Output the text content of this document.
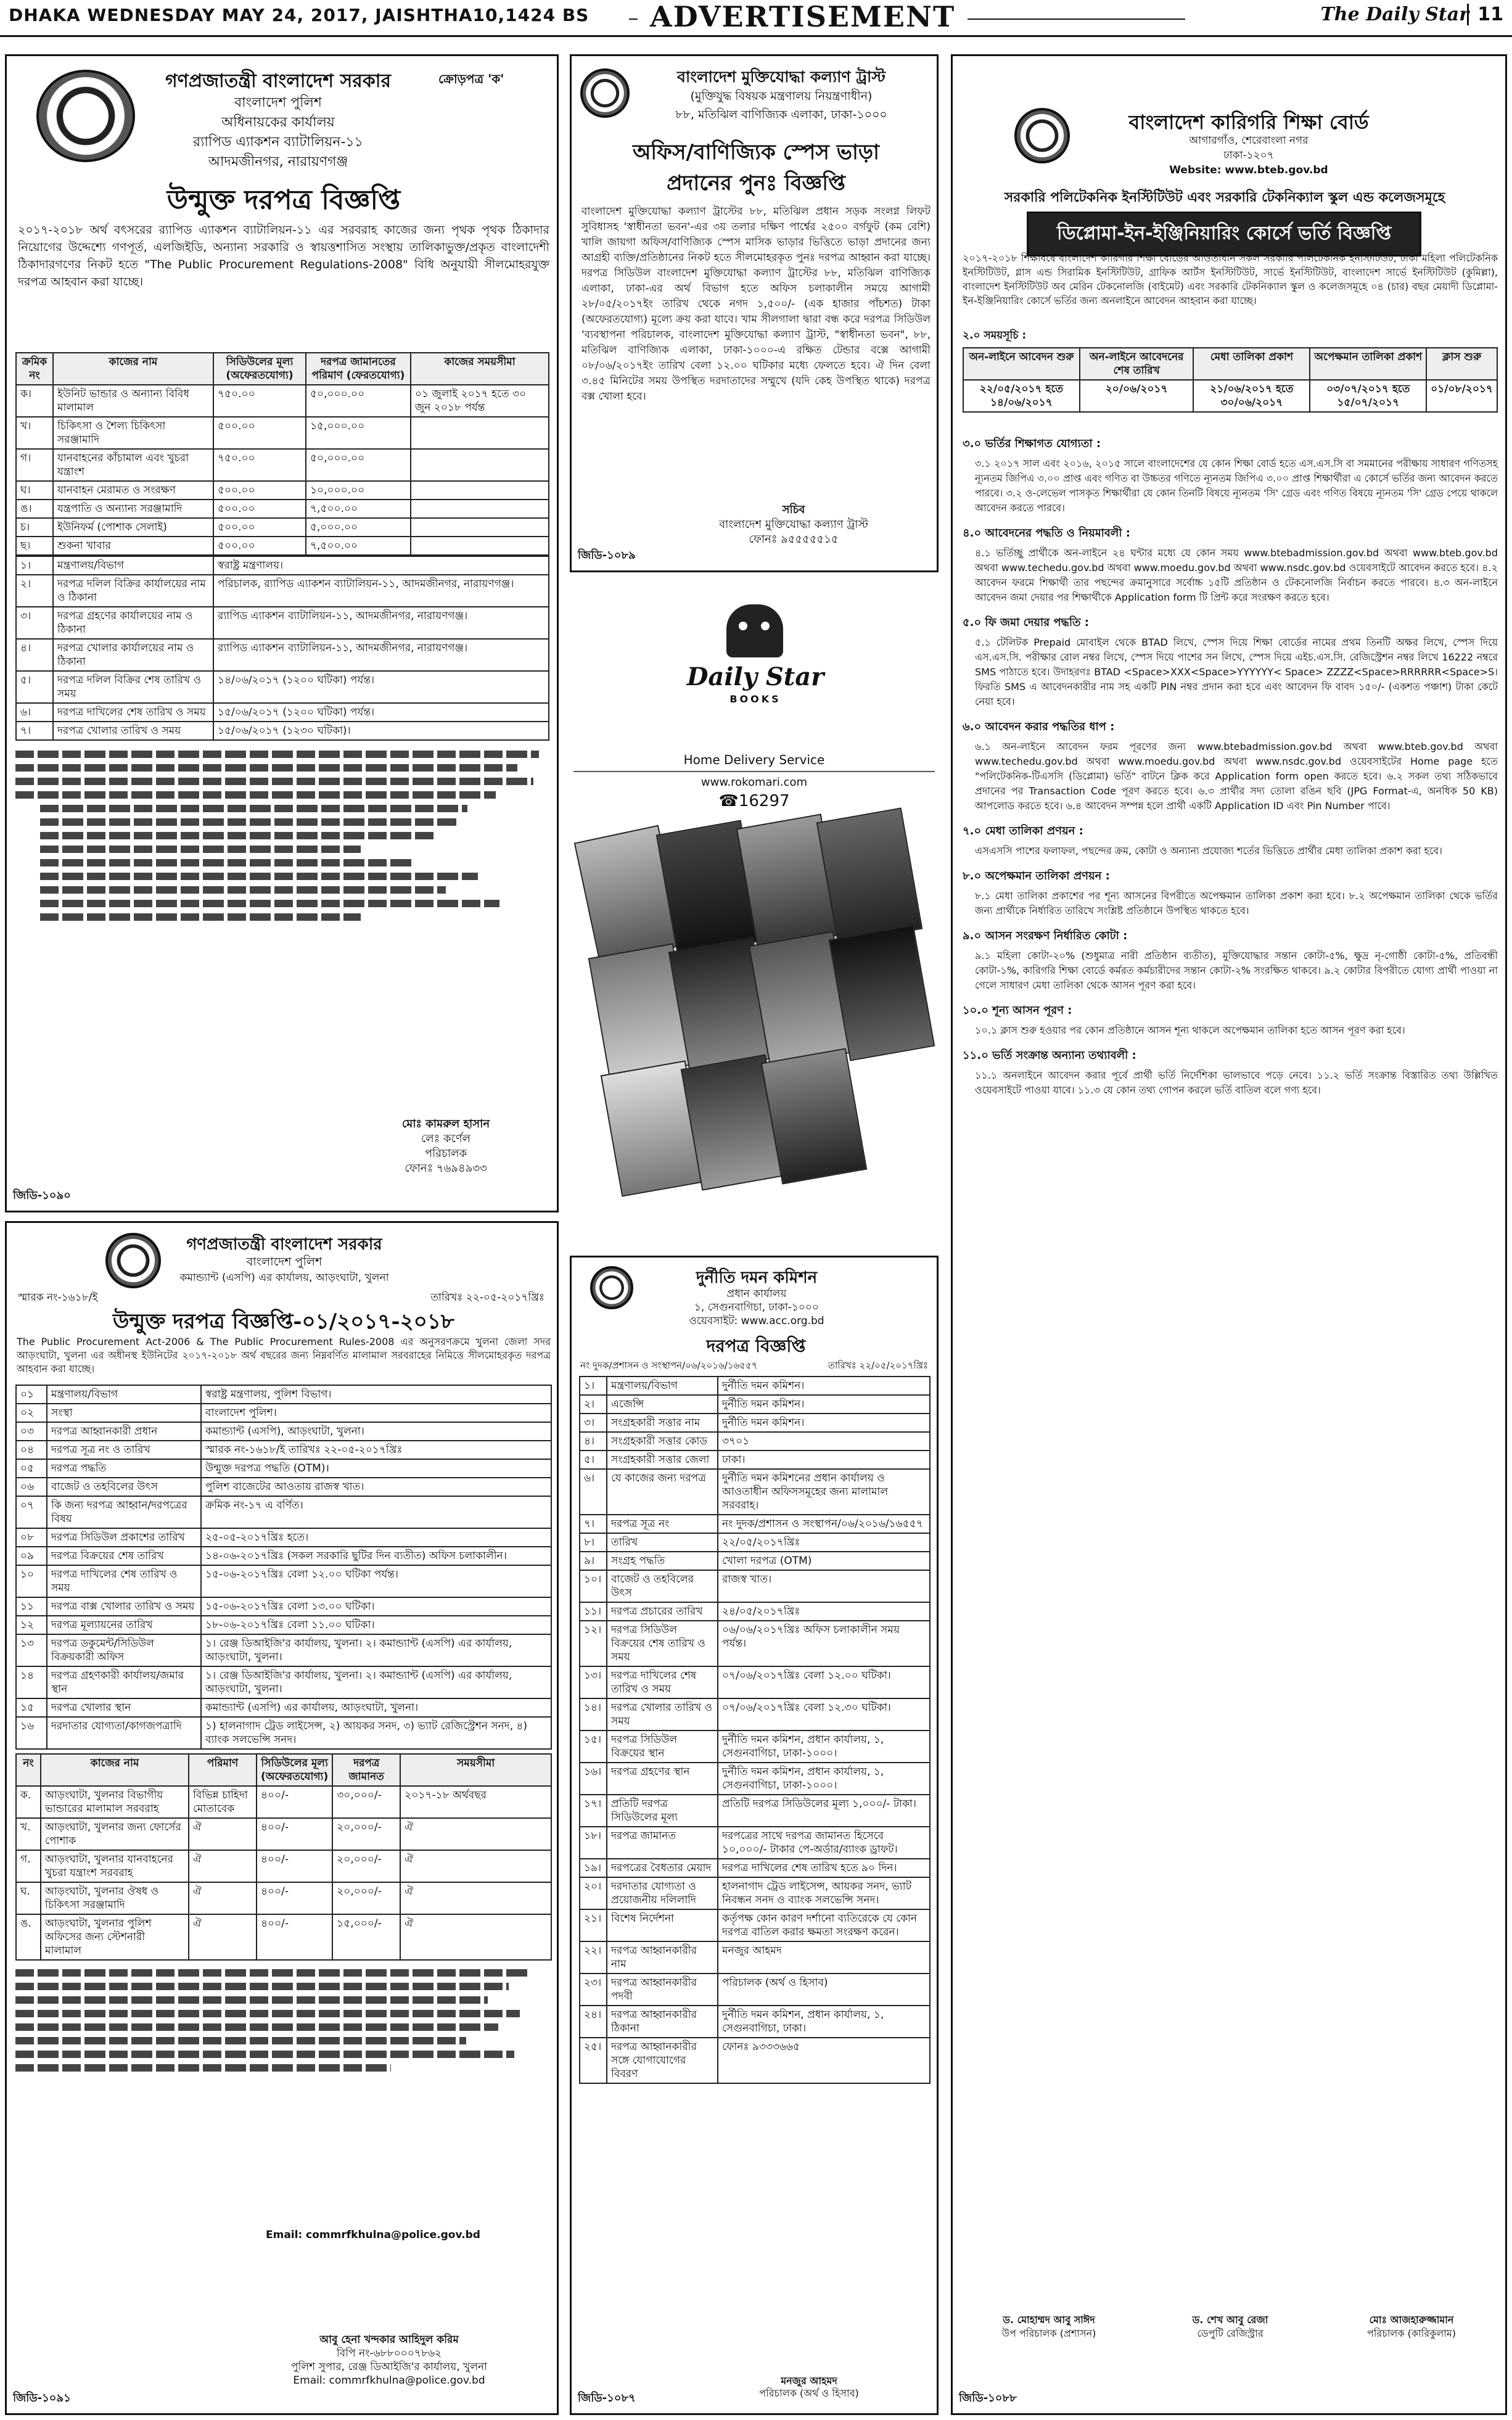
DHAKA WEDNESDAY MAY 24, 2017, JAISHTHA10,1424 BS	ADVERTISEMENT	The Daily Star 11
ক্রোড়পত্র 'ক'
গণপ্রজাতন্ত্রী বাংলাদেশ সরকার
বাংলাদেশ পুলিশ
অধিনায়কের কার্যালয়
র‍্যাপিড এ্যাকশন ব্যাটালিয়ন-১১
আদমজীনগর, নারায়ণগঞ্জ
উন্মুক্ত দরপত্র বিজ্ঞপ্তি
২০১৭-২০১৮ অর্থ বৎসরের র‍্যাপিড এ্যাকশন ব্যাটালিয়ন-১১ এর সরবরাহ কাজের জন্য পৃথক পৃথক ঠিকাদার নিয়োগের উদ্দেশ্যে গণপূর্ত, এলজিইডি, অন্যান্য সরকারি ও স্বায়ত্তশাসিত সংস্থায় তালিকাভুক্ত/প্রকৃত বাংলাদেশী ঠিকাদারগণের নিকট হতে "The Public Procurement Regulations-2008" বিধি অনুযায়ী সীলমোহরযুক্ত দরপত্র আহবান করা যাচ্ছে।
ক্রমিক নং	কাজের নাম	সিডিউলের মূল্য (অফেরতযোগ্য)	দরপত্র জামানতের পরিমাণ (ফেরতযোগ্য)	কাজের সময়সীমা
ক।	ইউনিট ভান্ডার ও অন্যান্য বিবিধ মালামাল	৭৫০.০০	৫০,০০০.০০	০১ জুলাই ২০১৭ হতে ৩০ জুন ২০১৮ পর্যন্ত
খ।	চিকিৎসা ও শৈল্য চিকিৎসা সরঞ্জামাদি	৫০০.০০	১৫,০০০.০০	
গ।	যানবাহনের কাঁচামাল এবং খুচরা যন্ত্রাংশ	৭৫০.০০	৫০,০০০.০০	
ঘ।	যানবাহন মেরামত ও সংরক্ষণ	৫০০.০০	১০,০০০.০০	
ঙ।	যন্ত্রপাতি ও অন্যান্য সরঞ্জামাদি	৫০০.০০	৭,৫০০.০০	
চ।	ইউনিফর্ম (পোশাক সেলাই)	৫০০.০০	৫,০০০.০০	
ছ।	শুকনা খাবার	৫০০.০০	৭,৫০০.০০	
১।	মন্ত্রণালয়/বিভাগ	স্বরাষ্ট্র মন্ত্রণালয়।
২।	দরপত্র দলিল বিক্রির কার্যালয়ের নাম ও ঠিকানা	পরিচালক, র‍্যাপিড এ্যাকশন ব্যাটালিয়ন-১১, আদমজীনগর, নারায়ণগঞ্জ।
৩।	দরপত্র গ্রহণের কার্যালয়ের নাম ও ঠিকানা	র‍্যাপিড এ্যাকশন ব্যাটালিয়ন-১১, আদমজীনগর, নারায়ণগঞ্জ।
৪।	দরপত্র খোলার কার্যালয়ের নাম ও ঠিকানা	র‍্যাপিড এ্যাকশন ব্যাটালিয়ন-১১, আদমজীনগর, নারায়ণগঞ্জ।
৫।	দরপত্র দলিল বিক্রির শেষ তারিখ ও সময়	১৪/০৬/২০১৭ (১২০০ ঘটিকা) পর্যন্ত।
৬।	দরপত্র দাখিলের শেষ তারিখ ও সময়	১৫/০৬/২০১৭ (১২০০ ঘটিকা) পর্যন্ত।
৭।	দরপত্র খোলার তারিখ ও সময়	১৫/০৬/২০১৭ (১২৩০ ঘটিকা)।
মোঃ কামরুল হাসান
লেঃ কর্ণেল
পরিচালক
ফোনঃ ৭৬৯৪৯৩৩
জিডি-১০৯০
বাংলাদেশ মুক্তিযোদ্ধা কল্যাণ ট্রাস্ট
(মুক্তিযুদ্ধ বিষয়ক মন্ত্রণালয় নিয়ন্ত্রণাধীন)
৮৮, মতিঝিল বাণিজ্যিক এলাকা, ঢাকা-১০০০
অফিস/বাণিজ্যিক স্পেস ভাড়া
প্রদানের পুনঃ বিজ্ঞপ্তি
বাংলাদেশ মুক্তিযোদ্ধা কল্যাণ ট্রাস্টের ৮৮, মতিঝিল প্রধান সড়ক সংলগ্ন লিফট সুবিধাসহ 'স্বাধীনতা ভবন'-এর ৩য় তলার দক্ষিণ পার্শ্বের ২৫০০ বর্গফুট (কম বেশি) খালি জায়গা অফিস/বাণিজ্যিক স্পেস মাসিক ভাড়ার ভিত্তিতে ভাড়া প্রদানের জন্য আগ্রহী ব্যক্তি/প্রতিষ্ঠানের নিকট হতে সীলমোহরকৃত পুনঃ দরপত্র আহ্বান করা যাচ্ছে। দরপত্র সিডিউল বাংলাদেশ মুক্তিযোদ্ধা কল্যাণ ট্রাস্টের ৮৮, মতিঝিল বাণিজ্যিক এলাকা, ঢাকা-এর অর্থ বিভাগ হতে অফিস চলাকালীন সময়ে আগামী ২৮/০৫/২০১৭ইং তারিখ থেকে নগদ ১,৫০০/- (এক হাজার পাঁচশত) টাকা (অফেরতযোগ্য) মূল্যে ক্রয় করা যাবে। খাম সীলগালা দ্বারা বন্ধ করে দরপত্র সিডিউল 'ব্যবস্থাপনা পরিচালক, বাংলাদেশ মুক্তিযোদ্ধা কল্যাণ ট্রাস্ট, "স্বাধীনতা ভবন", ৮৮, মতিঝিল বাণিজ্যিক এলাকা, ঢাকা-১০০০-এ রক্ষিত টেন্ডার বক্সে আগামী ০৮/০৬/২০১৭ইং তারিখ বেলা ১২.০০ ঘটিকার মধ্যে ফেলতে হবে। ঐ দিন বেলা ৩.৪৫ মিনিটের সময় উপস্থিত দরদাতাদের সম্মুখে (যদি কেহ উপস্থিত থাকে) দরপত্র বক্স খোলা হবে।
সচিব
বাংলাদেশ মুক্তিযোদ্ধা কল্যাণ ট্রাস্ট
ফোনঃ ৯৫৫৫৫৫১৫
জিডি-১০৮৯
Daily Star
BOOKS
Home Delivery Service
www.rokomari.com
☎16297
গণপ্রজাতন্ত্রী বাংলাদেশ সরকার
বাংলাদেশ পুলিশ
কমান্ড্যান্ট (এসপি) এর কার্যালয়, আড়ংঘাটা, খুলনা
স্মারক নং-১৬১৮/ই	তারিখঃ ২২-০৫-২০১৭খ্রিঃ
উন্মুক্ত দরপত্র বিজ্ঞপ্তি-০১/২০১৭-২০১৮
The Public Procurement Act-2006 & The Public Procurement Rules-2008 এর অনুসরণক্রমে খুলনা জেলা সদর আড়ংঘাটা, খুলনা এর অধীনস্থ ইউনিটের ২০১৭-২০১৮ অর্থ বছরের জন্য নিম্নবর্ণিত মালামাল সরবরাহের নিমিত্তে সীলমোহরকৃত দরপত্র আহবান করা যাচ্ছে।
০১	মন্ত্রণালয়/বিভাগ	স্বরাষ্ট্র মন্ত্রণালয়, পুলিশ বিভাগ।
০২	সংস্থা	বাংলাদেশ পুলিশ।
০৩	দরপত্র আহ্বানকারী প্রধান	কমান্ড্যান্ট (এসপি), আড়ংঘাটা, খুলনা।
০৪	দরপত্র সূত্র নং ও তারিখ	স্মারক নং-১৬১৮/ই তারিখঃ ২২-০৫-২০১৭খ্রিঃ
০৫	দরপত্র পদ্ধতি	উন্মুক্ত দরপত্র পদ্ধতি (OTM)।
০৬	বাজেট ও তহবিলের উৎস	পুলিশ বাজেটের আওতায় রাজস্ব খাত।
০৭	কি জন্য দরপত্র আহ্বান/দরপত্রের বিষয়	ক্রমিক নং-১৭ এ বর্ণিত।
০৮	দরপত্র সিডিউল প্রকাশের তারিখ	২৫-০৫-২০১৭খ্রিঃ হতে।
০৯	দরপত্র বিক্রয়ের শেষ তারিখ	১৪-০৬-২০১৭খ্রিঃ (সকল সরকারি ছুটির দিন ব্যতীত) অফিস চলাকালীন।
১০	দরপত্র দাখিলের শেষ তারিখ ও সময়	১৫-০৬-২০১৭খ্রিঃ বেলা ১২.০০ ঘটিকা পর্যন্ত।
১১	দরপত্র বাক্স খোলার তারিখ ও সময়	১৫-০৬-২০১৭খ্রিঃ বেলা ১৩.০০ ঘটিকা।
১২	দরপত্র মূল্যায়নের তারিখ	১৮-০৬-২০১৭খ্রিঃ বেলা ১১.০০ ঘটিকা।
১৩	দরপত্র ডকুমেন্ট/সিডিউল বিক্রয়কারী অফিস	১। রেঞ্জ ডিআইজি'র কার্যালয়, খুলনা। ২। কমান্ড্যান্ট (এসপি) এর কার্যালয়, আড়ংঘাটা, খুলনা।
১৪	দরপত্র গ্রহণকারী কার্যালয়/জমার স্থান	১। রেঞ্জ ডিআইজি'র কার্যালয়, খুলনা। ২। কমান্ড্যান্ট (এসপি) এর কার্যালয়, আড়ংঘাটা, খুলনা।
১৫	দরপত্র খোলার স্থান	কমান্ড্যান্ট (এসপি) এর কার্যালয়, আড়ংঘাটা, খুলনা।
১৬	দরদাতার যোগ্যতা/কাগজপত্রাদি	১) হালনাগাদ ট্রেড লাইসেন্স, ২) আয়কর সনদ, ৩) ভ্যাট রেজিস্ট্রেশন সনদ, ৪) ব্যাংক সলভেন্সি সনদ।
নং	কাজের নাম	পরিমাণ	সিডিউলের মূল্য (অফেরতযোগ্য)	দরপত্র জামানত	সময়সীমা
ক.	আড়ংঘাটা, খুলনার বিভাগীয় ভান্ডারের মালামাল সরবরাহ	বিভিন্ন চাহিদা মোতাবেক	৪০০/-	৩০,০০০/-	২০১৭-১৮ অর্থবছর
খ.	আড়ংঘাটা, খুলনার জন্য ফোর্সের পোশাক	ঐ	৪০০/-	২০,০০০/-	ঐ
গ.	আড়ংঘাটা, খুলনার যানবাহনের খুচরা যন্ত্রাংশ সরবরাহ	ঐ	৪০০/-	২০,০০০/-	ঐ
ঘ.	আড়ংঘাটা, খুলনার ঔষধ ও চিকিৎসা সরঞ্জামাদি	ঐ	৪০০/-	২০,০০০/-	ঐ
ঙ.	আড়ংঘাটা, খুলনার পুলিশ অফিসের জন্য স্টেশনারী মালামাল	ঐ	৪০০/-	১৫,০০০/-	ঐ
Email: commrfkhulna@police.gov.bd
আবু হেনা খন্দকার আহিদুল করিম
বিপি নং-৬৮৮০০০৭৮৬২
পুলিশ সুপার, রেঞ্জ ডিআইজি'র কার্যালয়, খুলনা
Email: commrfkhulna@police.gov.bd
জিডি-১০৯১
দুর্নীতি দমন কমিশন
প্রধান কার্যালয়
১, সেগুনবাগিচা, ঢাকা-১০০০
ওয়েবসাইট: www.acc.org.bd
দরপত্র বিজ্ঞপ্তি
নং দুদক/প্রশাসন ও সংস্থাপন/০৬/২০১৬/১৬৫৫৭	তারিখঃ ২২/০৫/২০১৭খ্রিঃ
১।	মন্ত্রণালয়/বিভাগ	দুর্নীতি দমন কমিশন।
২।	এজেন্সি	দুর্নীতি দমন কমিশন।
৩।	সংগ্রহকারী সত্তার নাম	দুর্নীতি দমন কমিশন।
৪।	সংগ্রহকারী সত্তার কোড	৩৭০১
৫।	সংগ্রহকারী সত্তার জেলা	ঢাকা।
৬।	যে কাজের জন্য দরপত্র	দুর্নীতি দমন কমিশনের প্রধান কার্যালয় ও আওতাধীন অফিসসমূহের জন্য মালামাল সরবরাহ।
৭।	দরপত্র সূত্র নং	নং দুদক/প্রশাসন ও সংস্থাপন/০৬/২০১৬/১৬৫৫৭
৮।	তারিখ	২২/০৫/২০১৭খ্রিঃ
৯।	সংগ্রহ পদ্ধতি	খোলা দরপত্র (OTM)
১০।	বাজেট ও তহবিলের উৎস	রাজস্ব খাত।
১১।	দরপত্র প্রচারের তারিখ	২৪/০৫/২০১৭খ্রিঃ
১২।	দরপত্র সিডিউল বিক্রয়ের শেষ তারিখ ও সময়	০৬/০৬/২০১৭খ্রিঃ অফিস চলাকালীন সময় পর্যন্ত।
১৩।	দরপত্র দাখিলের শেষ তারিখ ও সময়	০৭/০৬/২০১৭খ্রিঃ বেলা ১২.০০ ঘটিকা।
১৪।	দরপত্র খোলার তারিখ ও সময়	০৭/০৬/২০১৭খ্রিঃ বেলা ১২.৩০ ঘটিকা।
১৫।	দরপত্র সিডিউল বিক্রয়ের স্থান	দুর্নীতি দমন কমিশন, প্রধান কার্যালয়, ১, সেগুনবাগিচা, ঢাকা-১০০০।
১৬।	দরপত্র গ্রহণের স্থান	দুর্নীতি দমন কমিশন, প্রধান কার্যালয়, ১, সেগুনবাগিচা, ঢাকা-১০০০।
১৭।	প্রতিটি দরপত্র সিডিউলের মূল্য	প্রতিটি দরপত্র সিডিউলের মূল্য ১,০০০/- টাকা।
১৮।	দরপত্র জামানত	দরপত্রের সাথে দরপত্র জামানত হিসেবে ১০,০০০/- টাকার পে-অর্ডার/ব্যাংক ড্রাফট।
১৯।	দরপত্রের বৈধতার মেয়াদ	দরপত্র দাখিলের শেষ তারিখ হতে ৯০ দিন।
২০।	দরদাতার যোগ্যতা ও প্রয়োজনীয় দলিলাদি	হালনাগাদ ট্রেড লাইসেন্স, আয়কর সনদ, ভ্যাট নিবন্ধন সনদ ও ব্যাংক সলভেন্সি সনদ।
২১।	বিশেষ নির্দেশনা	কর্তৃপক্ষ কোন কারণ দর্শানো ব্যতিরেকে যে কোন দরপত্র বাতিল করার ক্ষমতা সংরক্ষণ করেন।
২২।	দরপত্র আহ্বানকারীর নাম	মনজুর আহমদ
২৩।	দরপত্র আহ্বানকারীর পদবী	পরিচালক (অর্থ ও হিসাব)
২৪।	দরপত্র আহ্বানকারীর ঠিকানা	দুর্নীতি দমন কমিশন, প্রধান কার্যালয়, ১, সেগুনবাগিচা, ঢাকা।
২৫।	দরপত্র আহ্বানকারীর সঙ্গে যোগাযোগের বিবরণ	ফোনঃ ৯৩৩৩৬৬৫
মনজুর আহমদ
পরিচালক (অর্থ ও হিসাব)
জিডি-১০৮৭
বাংলাদেশ কারিগরি শিক্ষা বোর্ড
আগারগাঁও, শেরেবাংলা নগর
ঢাকা-১২০৭
Website: www.bteb.gov.bd
সরকারি পলিটেকনিক ইনস্টিটিউট এবং সরকারি টেকনিক্যাল স্কুল এন্ড কলেজসমূহে
ডিপ্লোমা-ইন-ইঞ্জিনিয়ারিং কোর্সে ভর্তি বিজ্ঞপ্তি
২০১৭-২০১৮ শিক্ষাবর্ষে বাংলাদেশ কারিগরি শিক্ষা বোর্ডের আওতাধীন সকল সরকারি পলিটেকনিক ইনস্টিটিউট, ঢাকা মহিলা পলিটেকনিক ইনস্টিটিউট, গ্লাস এন্ড সিরামিক ইনস্টিটিউট, গ্রাফিক আর্টস ইনস্টিটিউট, সার্ভে ইনস্টিটিউট, বাংলাদেশ সার্ভে ইনস্টিটিউট (কুমিল্লা), বাংলাদেশ ইনস্টিটিউট অব মেরিন টেকনোলজি (বাইমেট) এবং সরকারি টেকনিক্যাল স্কুল ও কলেজসমূহে ০৪ (চার) বছর মেয়াদী ডিপ্লোমা-ইন-ইঞ্জিনিয়ারিং কোর্সে ভর্তির জন্য অনলাইনে আবেদন আহবান করা যাচ্ছে।
২.০ সময়সূচি :
অন-লাইনে আবেদন শুরু	অন-লাইনে আবেদনের শেষ তারিখ	মেধা তালিকা প্রকাশ	অপেক্ষমান তালিকা প্রকাশ	ক্লাস শুরু
২২/০৫/২০১৭ হতে ১৪/০৬/২০১৭	২০/০৬/২০১৭	২১/০৬/২০১৭ হতে ৩০/০৬/২০১৭	০৩/০৭/২০১৭ হতে ১৫/০৭/২০১৭	০১/০৮/২০১৭
৩.০ ভর্তির শিক্ষাগত যোগ্যতা :
৩.১ ২০১৭ সাল এবং ২০১৬, ২০১৫ সালে বাংলাদেশের যে কোন শিক্ষা বোর্ড হতে এস.এস.সি বা সমমানের পরীক্ষায় সাধারণ গণিতসহ ন্যূনতম জিপিএ ৩.০০ প্রাপ্ত এবং গণিত বা উচ্চতর গণিতে ন্যূনতম জিপিএ ৩.০০ প্রাপ্ত শিক্ষার্থীরা এ কোর্সে ভর্তির জন্য আবেদন করতে পারবে। ৩.২ ও-লেভেল পাসকৃত শিক্ষার্থীরা যে কোন তিনটি বিষয়ে ন্যূনতম 'সি' গ্রেড এবং গণিত বিষয়ে ন্যূনতম 'সি' গ্রেড পেয়ে থাকলে আবেদন করতে পারবে।
৪.০ আবেদনের পদ্ধতি ও নিয়মাবলী :
৪.১ ভর্তিচ্ছু প্রার্থীকে অন-লাইনে ২৪ ঘন্টার মধ্যে যে কোন সময় www.btebadmission.gov.bd অথবা www.bteb.gov.bd অথবা www.techedu.gov.bd অথবা www.moedu.gov.bd অথবা www.nsdc.gov.bd ওয়েবসাইটে আবেদন করতে হবে। ৪.২ আবেদন ফরমে শিক্ষার্থী তার পছন্দের ক্রমানুসারে সর্বোচ্চ ১৫টি প্রতিষ্ঠান ও টেকনোলজি নির্বাচন করতে পারবে। ৪.৩ অন-লাইনে আবেদন জমা দেয়ার পর শিক্ষার্থীকে Application form টি প্রিন্ট করে সংরক্ষণ করতে হবে।
৫.০ ফি জমা দেয়ার পদ্ধতি :
৫.১ টেলিটক Prepaid মোবাইল থেকে BTAD লিখে, স্পেস দিয়ে শিক্ষা বোর্ডের নামের প্রথম তিনটি অক্ষর লিখে, স্পেস দিয়ে এস.এস.সি. পরীক্ষার রোল নম্বর লিখে, স্পেস দিয়ে পাশের সন লিখে, স্পেস দিয়ে এইচ.এস.সি. রেজিস্ট্রেশন নম্বর লিখে 16222 নম্বরে SMS পাঠাতে হবে। উদাহরণঃ BTAD <Space>XXX<Space>YYYYYY< Space> ZZZZ<Space>RRRRRR<Space>S। ফিরতি SMS এ আবেদনকারীর নাম সহ একটি PIN নম্বর প্রদান করা হবে এবং আবেদন ফি বাবদ ১৫০/- (একশত পঞ্চাশ) টাকা কেটে নেয়া হবে।
৬.০ আবেদন করার পদ্ধতির ধাপ :
৬.১ অন-লাইনে আবেদন ফরম পূরণের জন্য www.btebadmission.gov.bd অথবা www.bteb.gov.bd অথবা www.techedu.gov.bd অথবা www.moedu.gov.bd অথবা www.nsdc.gov.bd ওয়েবসাইটের Home page হতে "পলিটেকনিক-টিএসসি (ডিপ্লোমা) ভর্তি" বাটনে ক্লিক করে Application form open করতে হবে। ৬.২ সকল তথ্য সঠিকভাবে প্রদানের পর Transaction Code পূরণ করতে হবে। ৬.৩ প্রার্থীর সদ্য তোলা রঙিন ছবি (JPG Format-এ, অনধিক 50 KB) আপলোড করতে হবে। ৬.৪ আবেদন সম্পন্ন হলে প্রার্থী একটি Application ID এবং Pin Number পাবে।
৭.০ মেধা তালিকা প্রণয়ন :
এসএসসি পাশের ফলাফল, পছন্দের ক্রম, কোটা ও অন্যান্য প্রযোজ্য শর্তের ভিত্তিতে প্রার্থীর মেধা তালিকা প্রকাশ করা হবে।
৮.০ অপেক্ষমান তালিকা প্রণয়ন :
৮.১ মেধা তালিকা প্রকাশের পর শূন্য আসনের বিপরীতে অপেক্ষমান তালিকা প্রকাশ করা হবে। ৮.২ অপেক্ষমান তালিকা থেকে ভর্তির জন্য প্রার্থীকে নির্ধারিত তারিখে সংশ্লিষ্ট প্রতিষ্ঠানে উপস্থিত থাকতে হবে।
৯.০ আসন সংরক্ষণ নির্ধারিত কোটা :
৯.১ মহিলা কোটা-২০% (শুধুমাত্র নারী প্রতিষ্ঠান ব্যতীত), মুক্তিযোদ্ধার সন্তান কোটা-৫%, ক্ষুদ্র নৃ-গোষ্ঠী কোটা-৫%, প্রতিবন্ধী কোটা-১%, কারিগরি শিক্ষা বোর্ডে কর্মরত কর্মচারীদের সন্তান কোটা-২% সংরক্ষিত থাকবে। ৯.২ কোটার বিপরীতে যোগ্য প্রার্থী পাওয়া না গেলে সাধারণ মেধা তালিকা থেকে আসন পূরণ করা হবে।
১০.০ শূন্য আসন পূরণ :
১০.১ ক্লাস শুরু হওয়ার পর কোন প্রতিষ্ঠানে আসন শূন্য থাকলে অপেক্ষমান তালিকা হতে আসন পূরণ করা হবে।
১১.০ ভর্তি সংক্রান্ত অন্যান্য তথ্যাবলী :
১১.১ অনলাইনে আবেদন করার পূর্বে প্রার্থী ভর্তি নির্দেশিকা ভালভাবে পড়ে নেবে। ১১.২ ভর্তি সংক্রান্ত বিস্তারিত তথ্য উল্লিখিত ওয়েবসাইটে পাওয়া যাবে। ১১.৩ যে কোন তথ্য গোপন করলে ভর্তি বাতিল বলে গণ্য হবে।
ড. মোহাম্মদ আবু সাঈদ
উপ পরিচালক (প্রশাসন)
ড. শেখ আবু রেজা
ডেপুটি রেজিস্ট্রার
মোঃ আজহারুজ্জামান
পরিচালক (কারিকুলাম)
জিডি-১০৮৮
